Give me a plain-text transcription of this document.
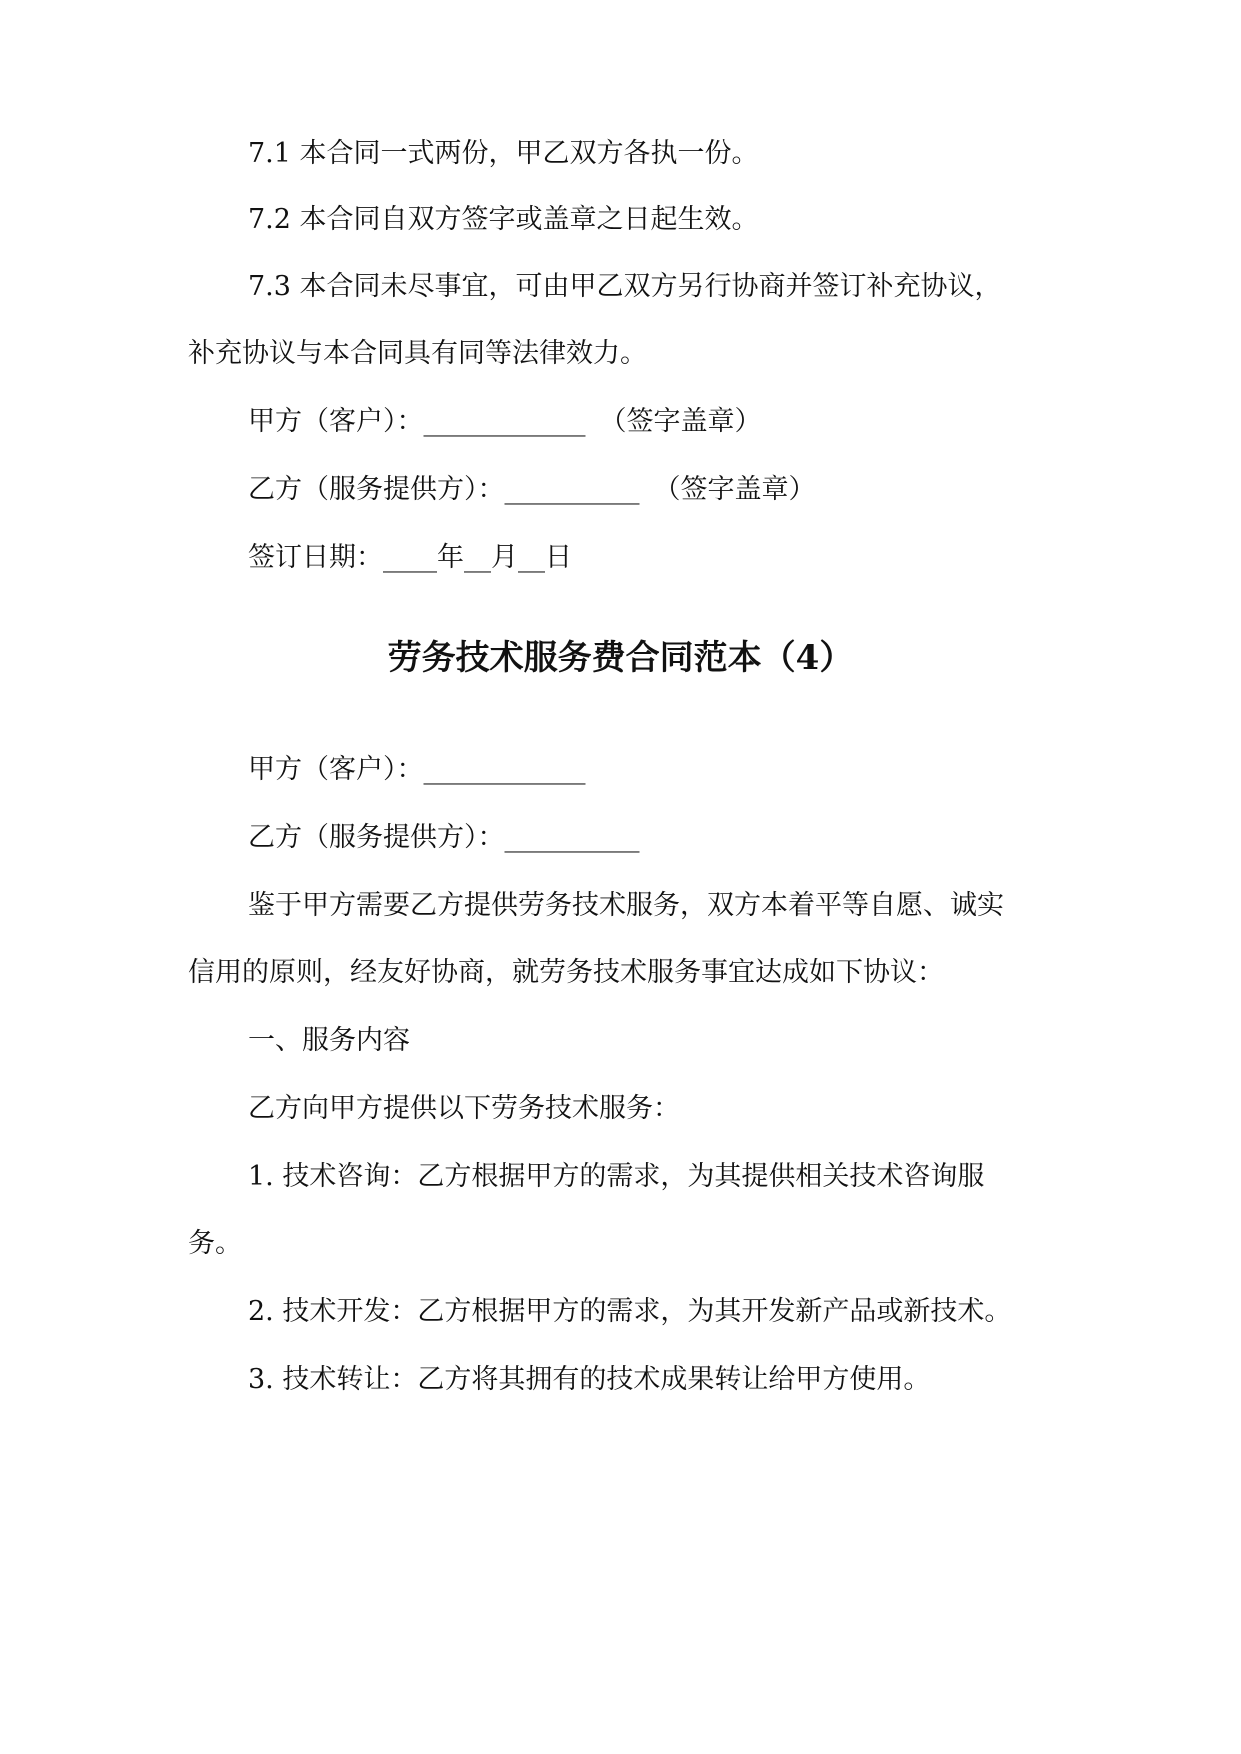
7.1 本合同一式两份，甲乙双方各执一份。
7.2 本合同自双方签字或盖章之日起生效。
7.3 本合同未尽事宜，可由甲乙双方另行协商并签订补充协议，
补充协议与本合同具有同等法律效力。
甲方（客户）：____________ （签字盖章）
乙方（服务提供方）：__________ （签字盖章）
签订日期：____年__月__日
劳务技术服务费合同范本（4）
甲方（客户）：____________
乙方（服务提供方）：__________
鉴于甲方需要乙方提供劳务技术服务，双方本着平等自愿、诚实
信用的原则，经友好协商，就劳务技术服务事宜达成如下协议：
一、服务内容
乙方向甲方提供以下劳务技术服务：
1. 技术咨询：乙方根据甲方的需求，为其提供相关技术咨询服
务。
2. 技术开发：乙方根据甲方的需求，为其开发新产品或新技术。
3. 技术转让：乙方将其拥有的技术成果转让给甲方使用。
